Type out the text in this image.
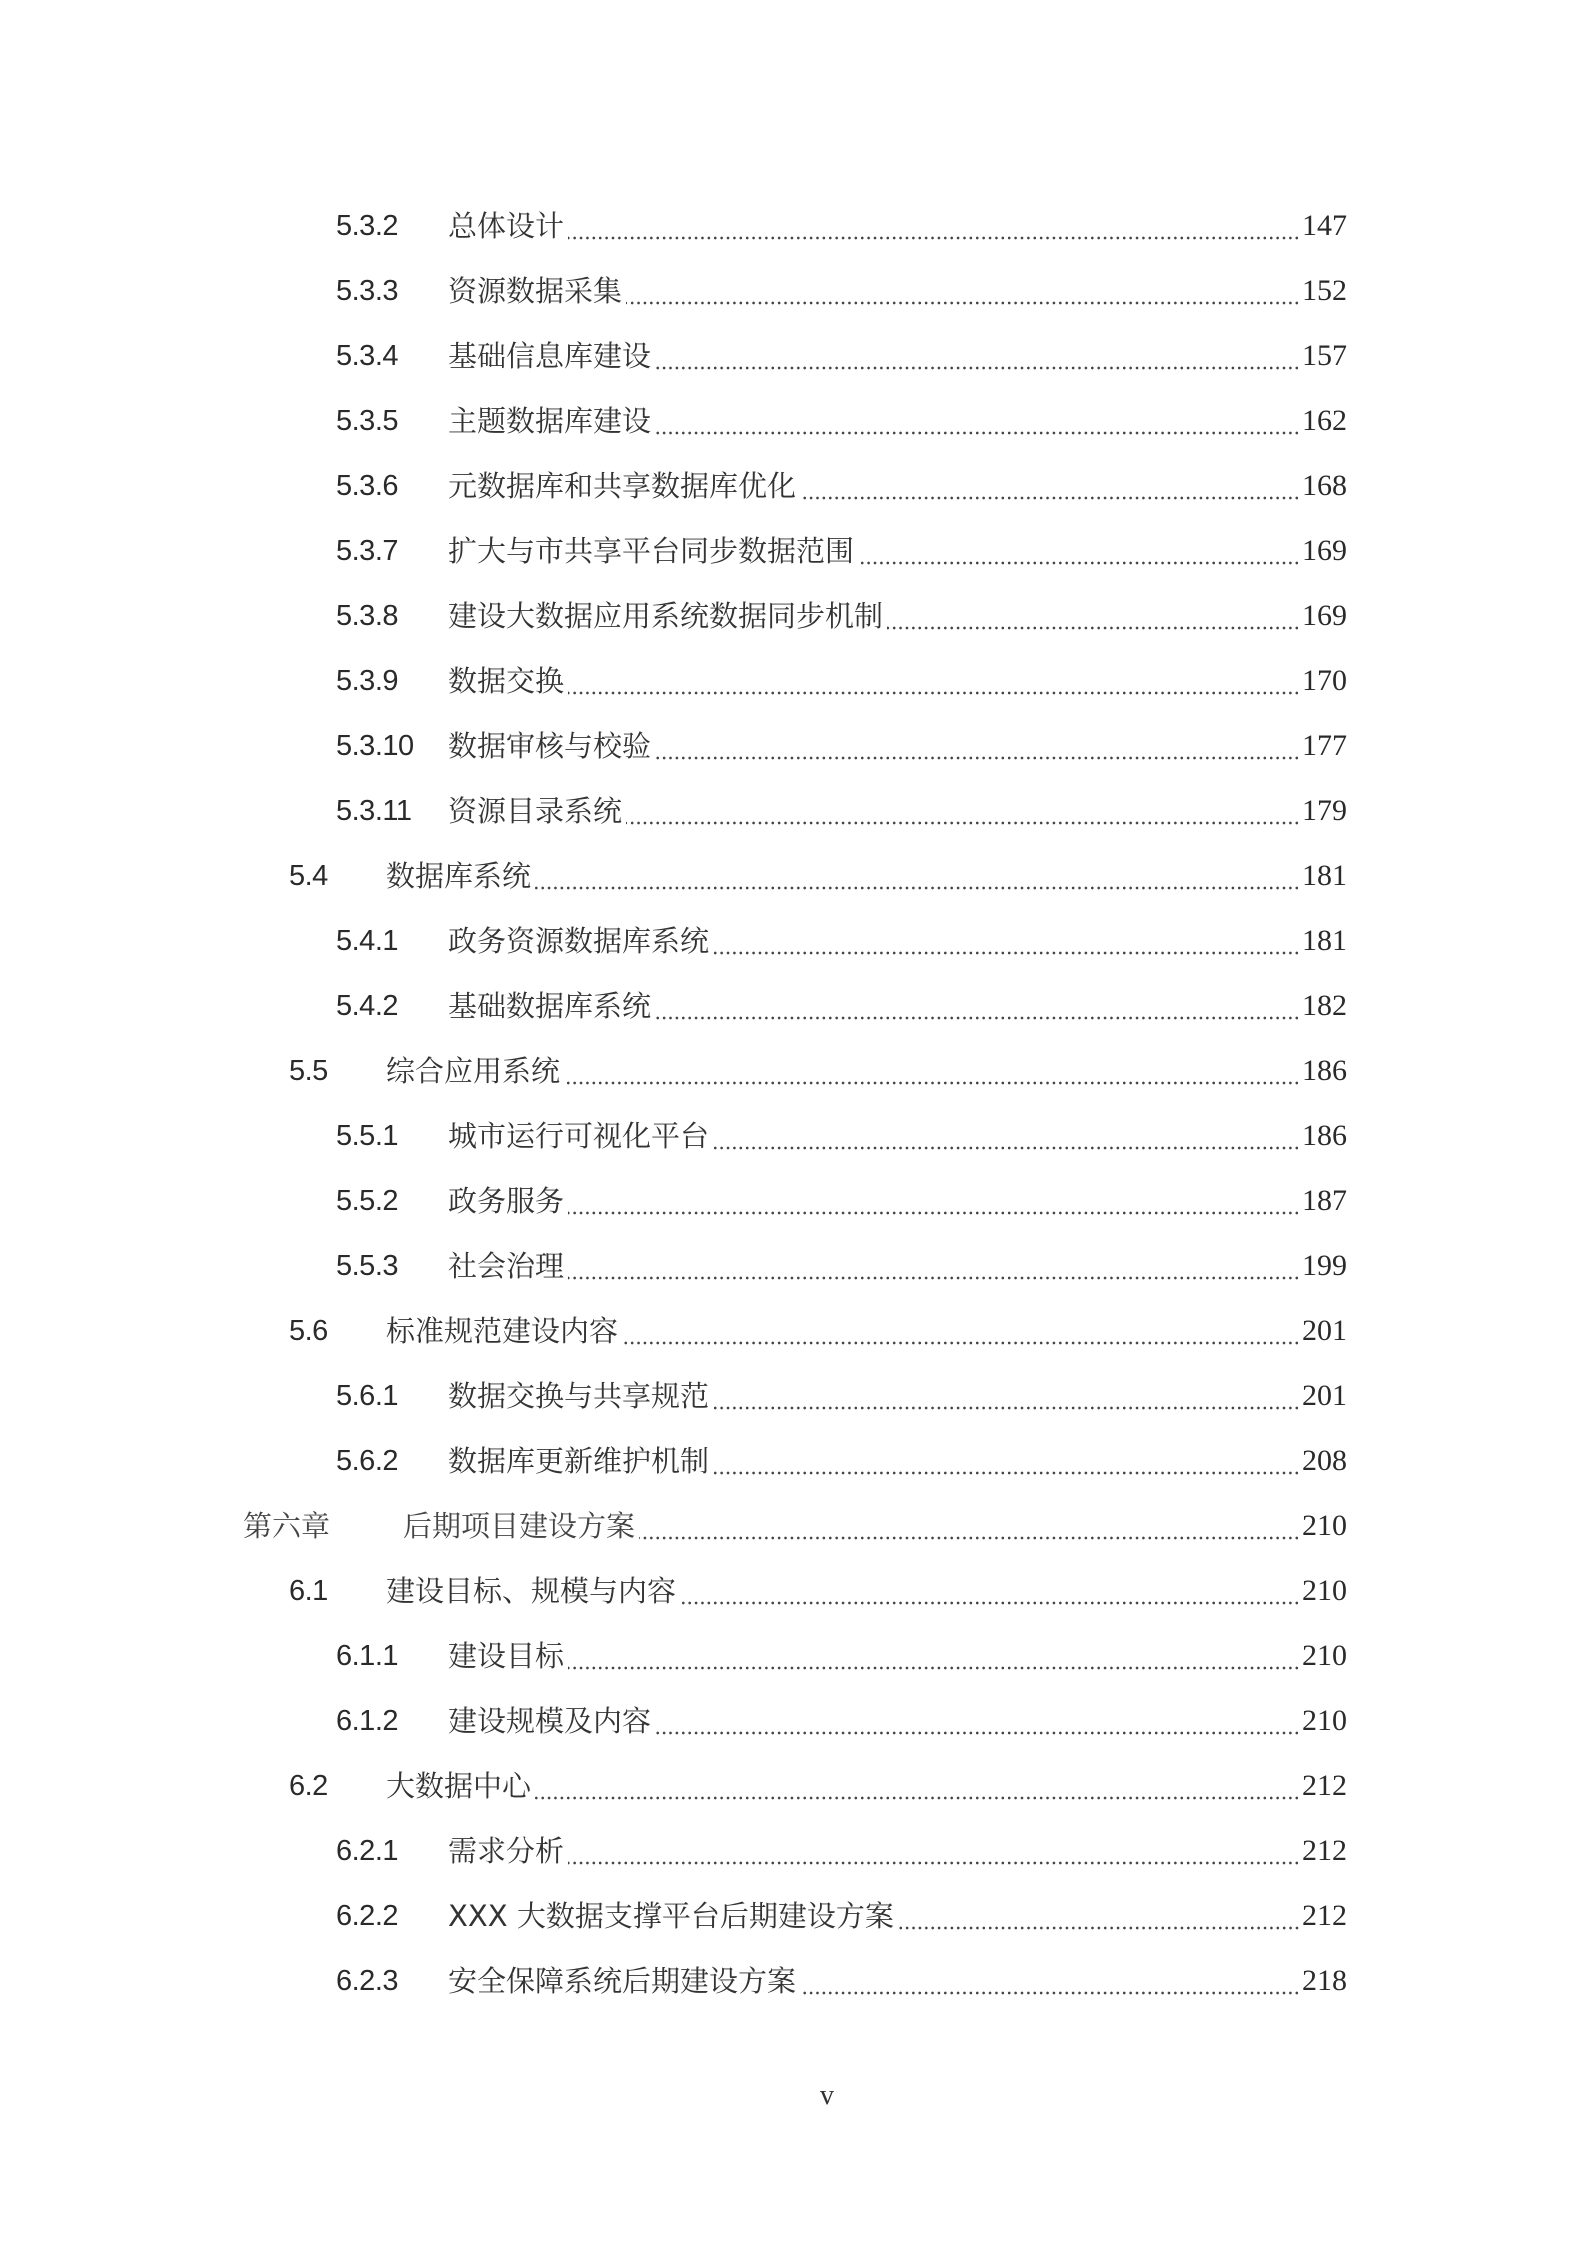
5.3.2 总体设计	147
5.3.3 资源数据采集	152
5.3.4 基础信息库建设	157
5.3.5 主题数据库建设	162
5.3.6 元数据库和共享数据库优化	168
5.3.7 扩大与市共享平台同步数据范围	169
5.3.8 建设大数据应用系统数据同步机制	169
5.3.9 数据交换	170
5.3.10 数据审核与校验	177
5.3.11 资源目录系统	179
5.4 数据库系统	181
5.4.1 政务资源数据库系统	181
5.4.2 基础数据库系统	182
5.5 综合应用系统	186
5.5.1 城市运行可视化平台	186
5.5.2 政务服务	187
5.5.3 社会治理	199
5.6 标准规范建设内容	201
5.6.1 数据交换与共享规范	201
5.6.2 数据库更新维护机制	208
第六章	后期项目建设方案	210
6.1 建设目标、规模与内容	210
6.1.1 建设目标	210
6.1.2 建设规模及内容	210
6.2 大数据中心	212
6.2.1 需求分析	212
6.2.2 XXX 大数据支撑平台后期建设方案	212
6.2.3 安全保障系统后期建设方案	218
v
